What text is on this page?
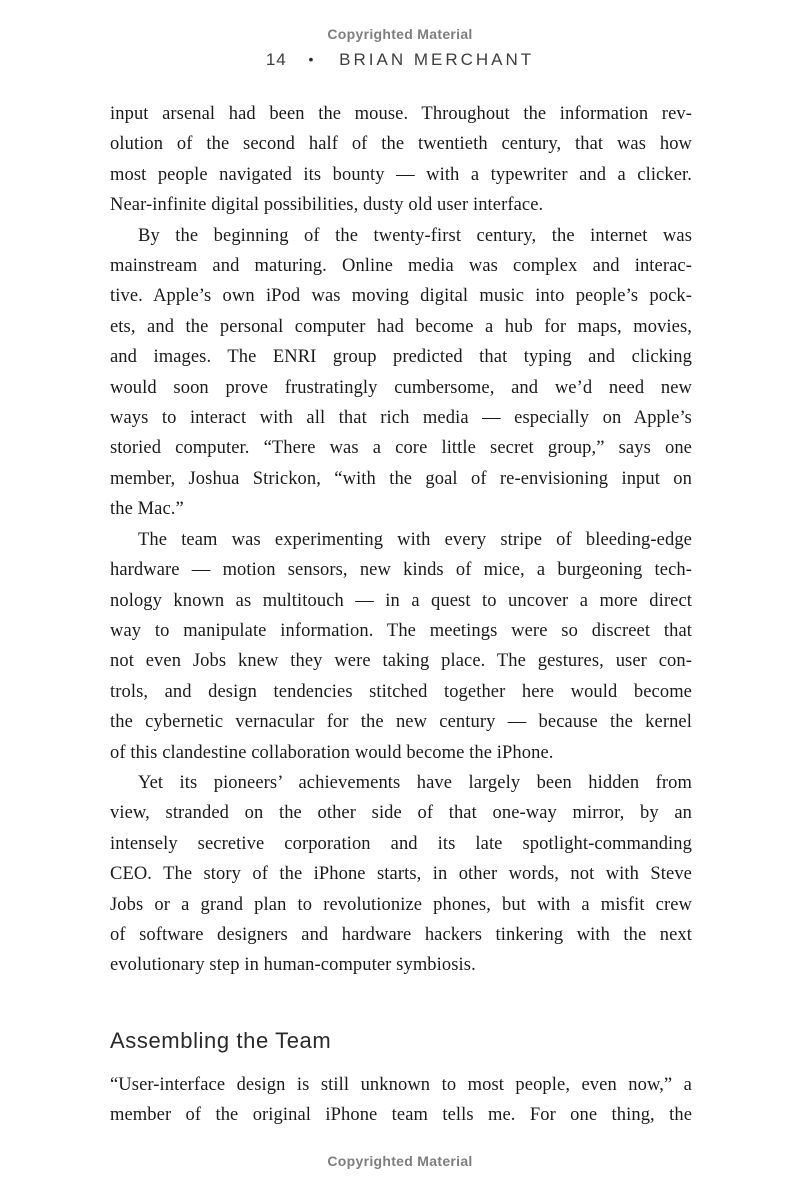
Copyrighted Material
14 • BRIAN MERCHANT
input arsenal had been the mouse. Throughout the information rev-
olution of the second half of the twentieth century, that was how
most people navigated its bounty — with a typewriter and a clicker.
Near-infinite digital possibilities, dusty old user interface.
By the beginning of the twenty-first century, the internet was
mainstream and maturing. Online media was complex and interac-
tive. Apple’s own iPod was moving digital music into people’s pock-
ets, and the personal computer had become a hub for maps, movies,
and images. The ENRI group predicted that typing and clicking
would soon prove frustratingly cumbersome, and we’d need new
ways to interact with all that rich media — especially on Apple’s
storied computer. “There was a core little secret group,” says one
member, Joshua Strickon, “with the goal of re-envisioning input on
the Mac.”
The team was experimenting with every stripe of bleeding-edge
hardware — motion sensors, new kinds of mice, a burgeoning tech-
nology known as multitouch — in a quest to uncover a more direct
way to manipulate information. The meetings were so discreet that
not even Jobs knew they were taking place. The gestures, user con-
trols, and design tendencies stitched together here would become
the cybernetic vernacular for the new century — because the kernel
of this clandestine collaboration would become the iPhone.
Yet its pioneers’ achievements have largely been hidden from
view, stranded on the other side of that one-way mirror, by an
intensely secretive corporation and its late spotlight-commanding
CEO. The story of the iPhone starts, in other words, not with Steve
Jobs or a grand plan to revolutionize phones, but with a misfit crew
of software designers and hardware hackers tinkering with the next
evolutionary step in human-computer symbiosis.
Assembling the Team
“User-interface design is still unknown to most people, even now,” a
member of the original iPhone team tells me. For one thing, the
Copyrighted Material
